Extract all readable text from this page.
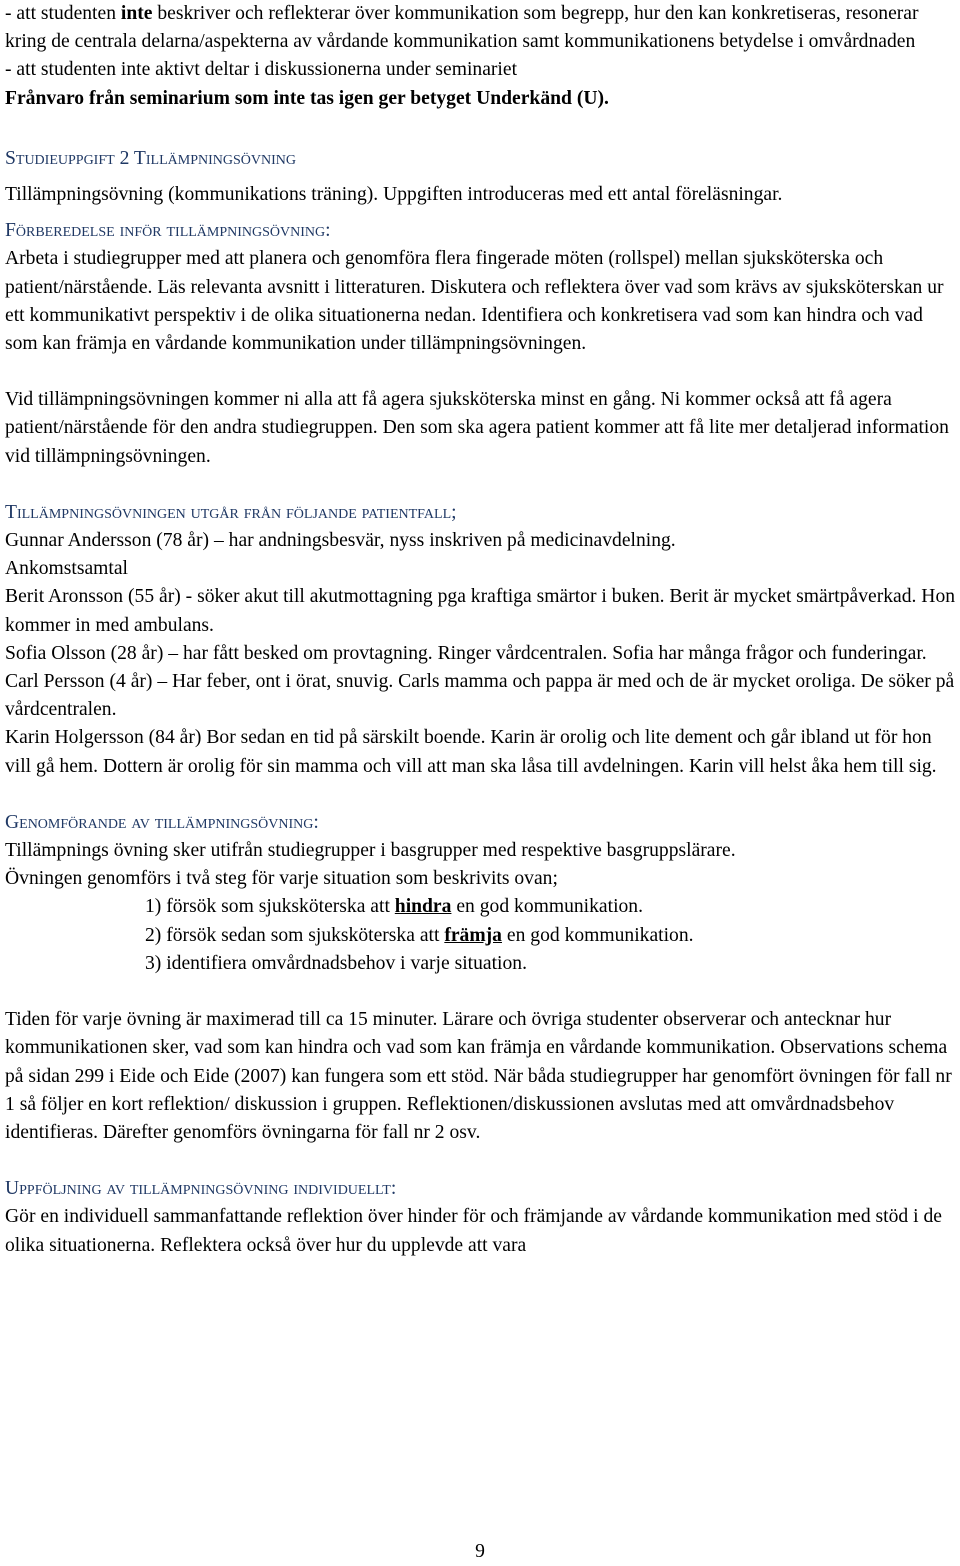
- att studenten inte beskriver och reflekterar över kommunikation som begrepp, hur den kan konkretiseras, resonerar kring de centrala delarna/aspekterna av vårdande kommunikation samt kommunikationens betydelse i omvårdnaden

- att studenten inte aktivt deltar i diskussionerna under seminariet

Frånvaro från seminarium som inte tas igen ger betyget Underkänd (U).

Studieuppgift 2 Tillämpningsövning

Tillämpningsövning (kommunikations träning). Uppgiften introduceras med ett antal föreläsningar.

Förberedelse inför tillämpningsövning:

Arbeta i studiegrupper med att planera och genomföra flera fingerade möten (rollspel) mellan sjuksköterska och patient/närstående. Läs relevanta avsnitt i litteraturen. Diskutera och reflektera över vad som krävs av sjuksköterskan ur ett kommunikativt perspektiv i de olika situationerna nedan. Identifiera och konkretisera vad som kan hindra och vad som kan främja en vårdande kommunikation under tillämpningsövningen.

Vid tillämpningsövningen kommer ni alla att få agera sjuksköterska minst en gång. Ni kommer också att få agera patient/närstående för den andra studiegruppen. Den som ska agera patient kommer att få lite mer detaljerad information vid tillämpningsövningen.

Tillämpningsövningen utgår från följande patientfall;

Gunnar Andersson (78 år) – har andningsbesvär, nyss inskriven på medicinavdelning.

Ankomstsamtal

Berit Aronsson (55 år) - söker akut till akutmottagning pga kraftiga smärtor i buken. Berit är mycket smärtpåverkad. Hon kommer in med ambulans.

Sofia Olsson (28 år) – har fått besked om provtagning. Ringer vårdcentralen. Sofia har många frågor och funderingar.

Carl Persson (4 år) – Har feber, ont i örat, snuvig. Carls mamma och pappa är med och de är mycket oroliga. De söker på vårdcentralen.

Karin Holgersson (84 år) Bor sedan en tid på särskilt boende. Karin är orolig och lite dement och går ibland ut för hon vill gå hem. Dottern är orolig för sin mamma och vill att man ska låsa till avdelningen. Karin vill helst åka hem till sig.

Genomförande av tillämpningsövning:

Tillämpnings övning sker utifrån studiegrupper i basgrupper med respektive basgruppslärare.

Övningen genomförs i två steg för varje situation som beskrivits ovan;

1) försök som sjuksköterska att hindra en god kommunikation.

2) försök sedan som sjuksköterska att främja en god kommunikation.

3) identifiera omvårdnadsbehov i varje situation.

Tiden för varje övning är maximerad till ca 15 minuter. Lärare och övriga studenter observerar och antecknar hur kommunikationen sker, vad som kan hindra och vad som kan främja en vårdande kommunikation. Observations schema på sidan 299 i Eide och Eide (2007) kan fungera som ett stöd. När båda studiegrupper har genomfört övningen för fall nr 1 så följer en kort reflektion/ diskussion i gruppen. Reflektionen/diskussionen avslutas med att omvårdnadsbehov identifieras. Därefter genomförs övningarna för fall nr 2 osv.

Uppföljning av tillämpningsövning individuellt:

Gör en individuell sammanfattande reflektion över hinder för och främjande av vårdande kommunikation med stöd i de olika situationerna. Reflektera också över hur du upplevde att vara

9
